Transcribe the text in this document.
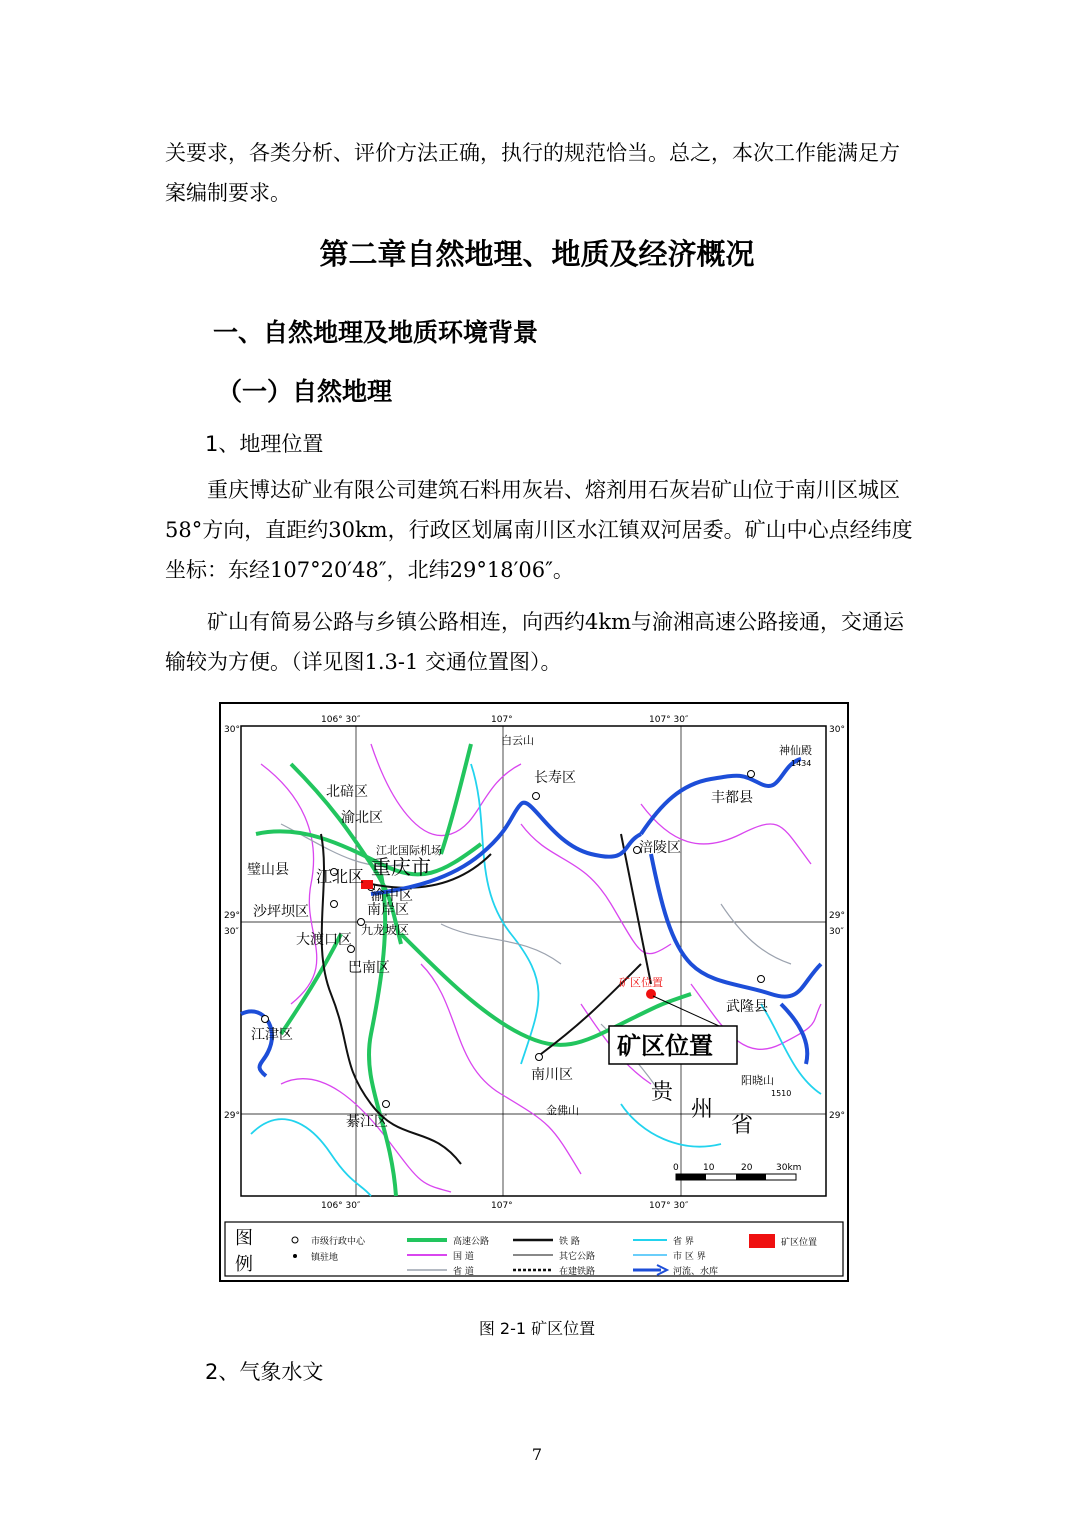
关要求，各类分析、评价方法正确，执行的规范恰当。总之，本次工作能满足方案编制要求。

第二章自然地理、地质及经济概况
一、自然地理及地质环境背景
（一）自然地理

1、地理位置

重庆博达矿业有限公司建筑石料用灰岩、熔剂用石灰岩矿山位于南川区城区58°方向，直距约30km，行政区划属南川区水江镇双河居委。矿山中心点经纬度坐标：东经107°20′48″，北纬29°18′06″。

矿山有简易公路与乡镇公路相连，向西约4km与渝湘高速公路接通，交通运输较为方便。（详见图1.3-1 交通位置图）。

106° 30″	107°	107° 30″
106° 30″	107°	107° 30″
30°	30°
29°
30″
29°
30″
29°	29°
重庆市
渝中区
南岸区
江北区
渝北区
北碚区
沙坪坝区
九龙坡区
大渡口区
巴南区
璧山县
江北国际机场
江津区
綦江区
南川区
涪陵区
长寿区
丰都县
武隆县
金佛山
阳晓山
1510
神仙殿
1434
白云山
矿区位置
贵
州
省
矿区位置
0	10	20	30km
图
例
市级行政中心
镇驻地
高速公路
国 道
省 道
铁 路
其它公路
在建铁路
省 界
市 区 界
河流、水库
矿区位置

图 2-1 矿区位置

2、气象水文

7
